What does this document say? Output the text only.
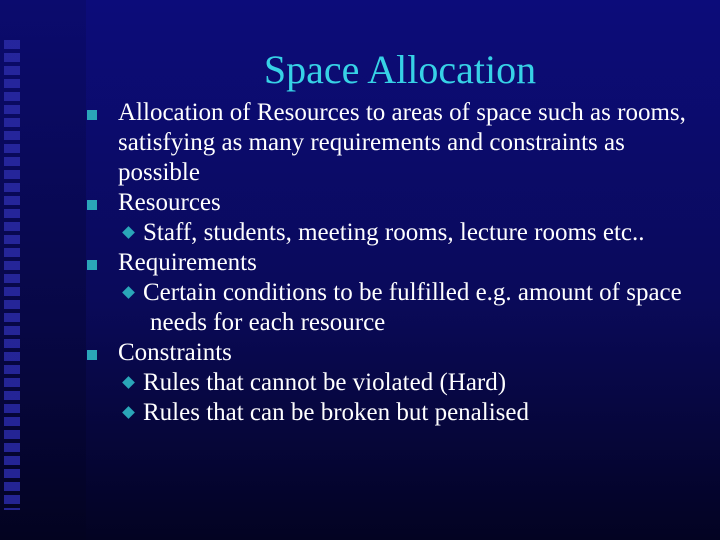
Space Allocation
Allocation of Resources to areas of space such as rooms, satisfying as many requirements and constraints as possible
Resources
Staff, students, meeting rooms, lecture rooms etc..
Requirements
Certain conditions to be fulfilled e.g. amount of space needs for each resource
Constraints
Rules that cannot be violated (Hard)
Rules that can be broken but penalised
